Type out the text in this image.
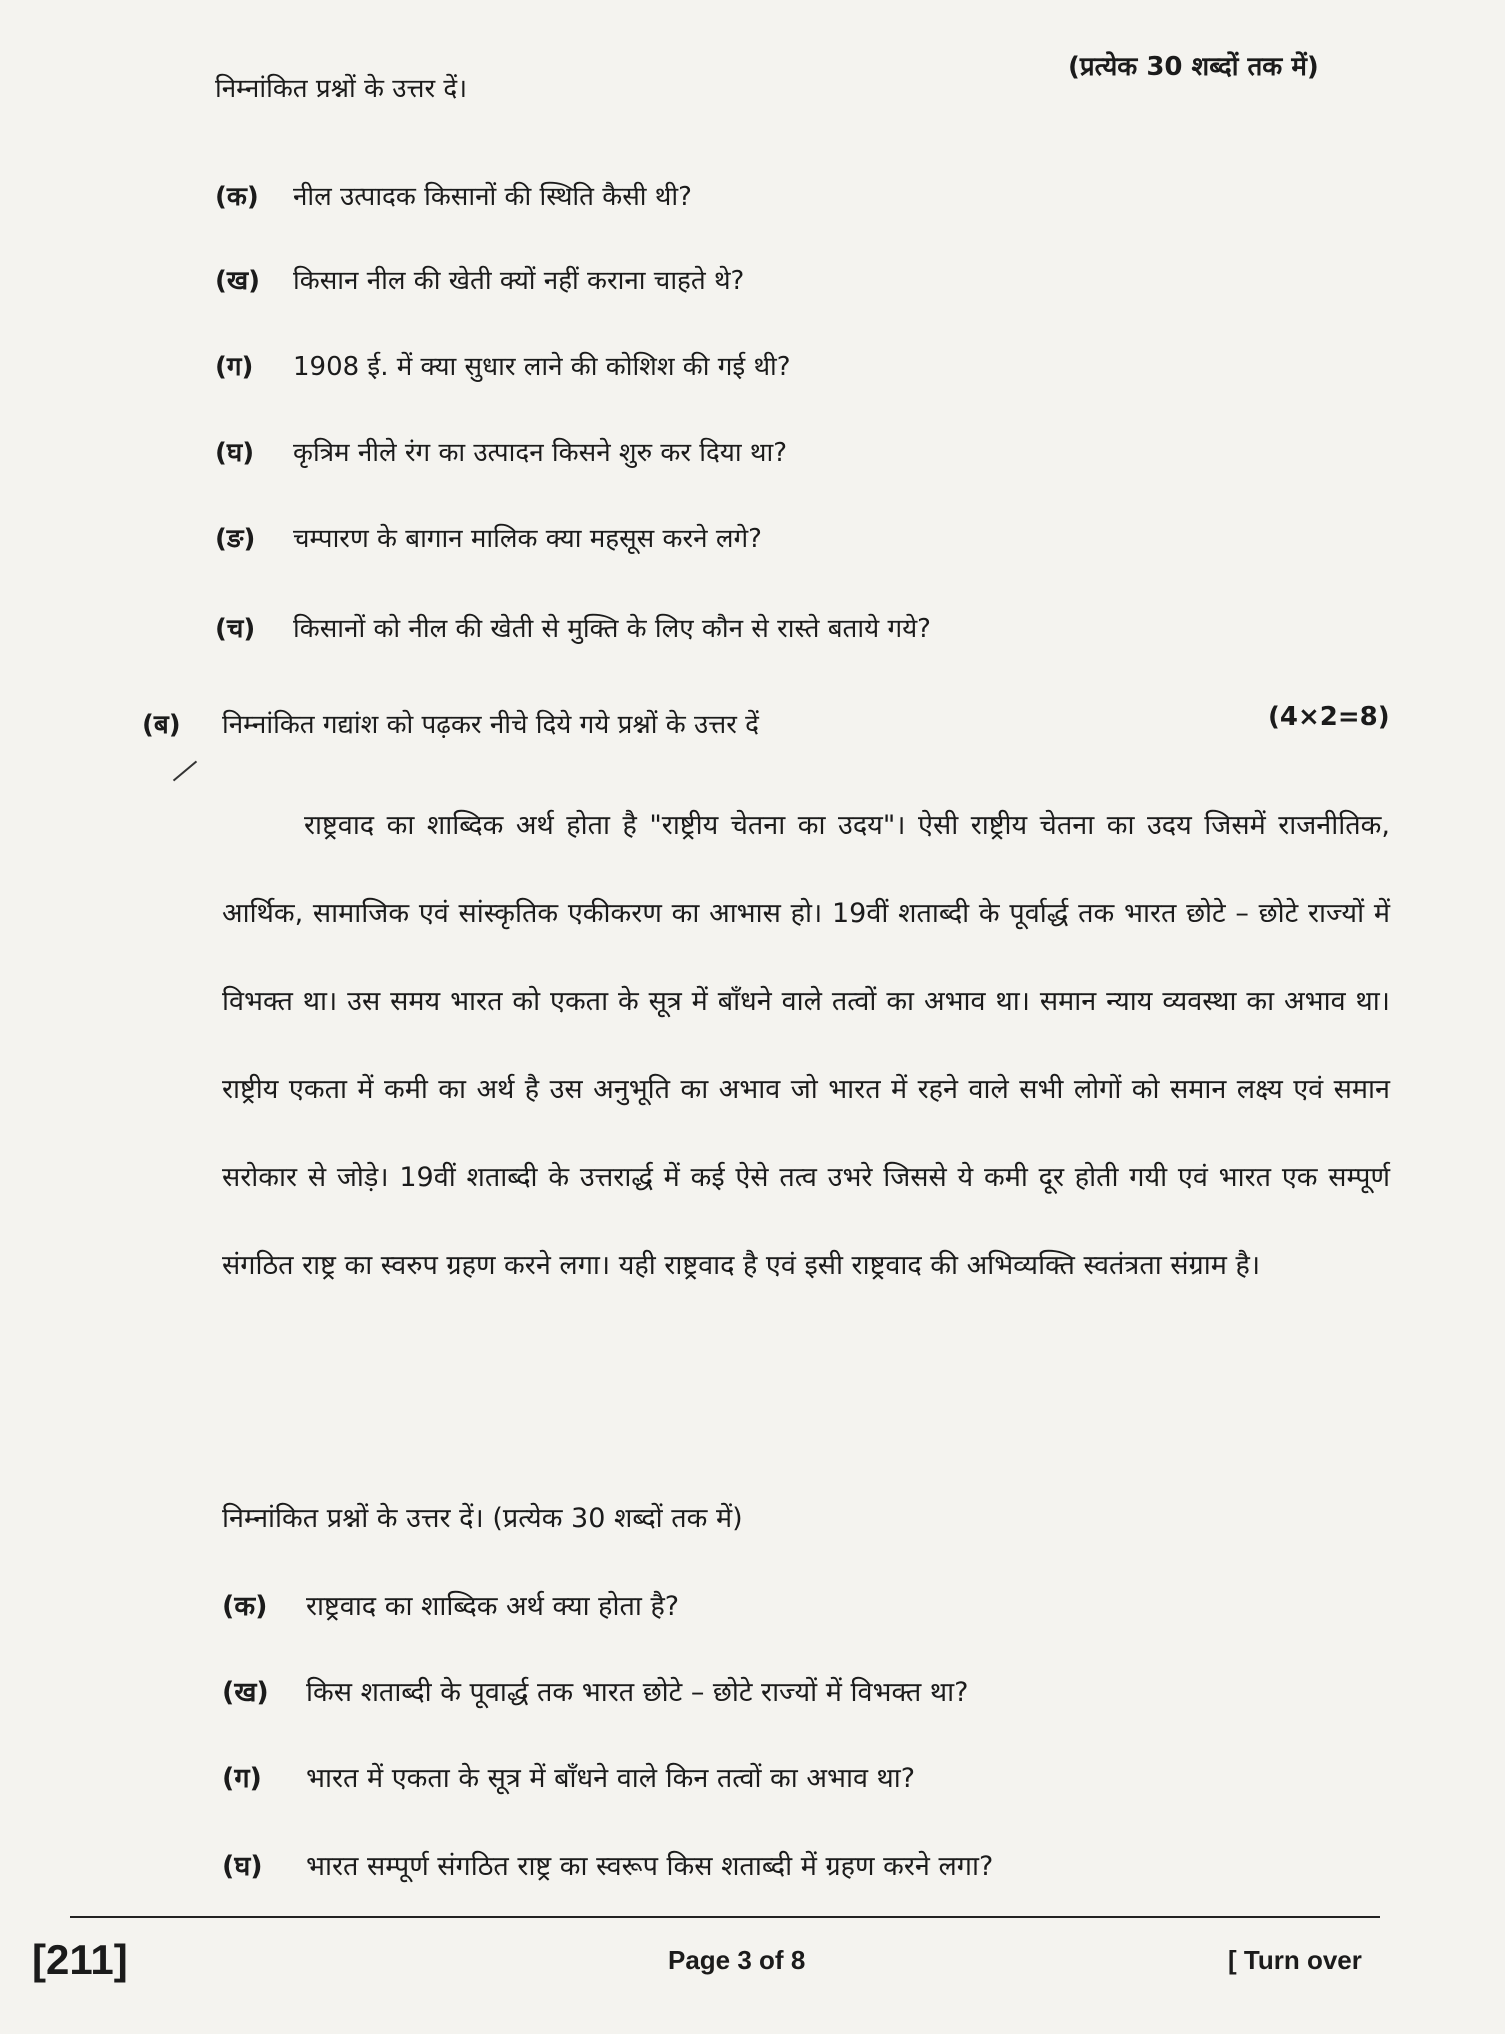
निम्नांकित प्रश्नों के उत्तर दें।
(प्रत्येक 30 शब्दों तक में)
(क) नील उत्पादक किसानों की स्थिति कैसी थी?
(ख) किसान नील की खेती क्यों नहीं कराना चाहते थे?
(ग) 1908 ई. में क्या सुधार लाने की कोशिश की गई थी?
(घ) कृत्रिम नीले रंग का उत्पादन किसने शुरु कर दिया था?
(ङ) चम्पारण के बागान मालिक क्या महसूस करने लगे?
(च) किसानों को नील की खेती से मुक्ति के लिए कौन से रास्ते बताये गये?
(ब) निम्नांकित गद्यांश को पढ़कर नीचे दिये गये प्रश्नों के उत्तर दें	(4×2=8)
राष्ट्रवाद का शाब्दिक अर्थ होता है "राष्ट्रीय चेतना का उदय"। ऐसी राष्ट्रीय चेतना का उदय जिसमें राजनीतिक, आर्थिक, सामाजिक एवं सांस्कृतिक एकीकरण का आभास हो। 19वीं शताब्दी के पूर्वार्द्ध तक भारत छोटे – छोटे राज्यों में विभक्त था। उस समय भारत को एकता के सूत्र में बाँधने वाले तत्वों का अभाव था। समान न्याय व्यवस्था का अभाव था। राष्ट्रीय एकता में कमी का अर्थ है उस अनुभूति का अभाव जो भारत में रहने वाले सभी लोगों को समान लक्ष्य एवं समान सरोकार से जोड़े। 19वीं शताब्दी के उत्तरार्द्ध में कई ऐसे तत्व उभरे जिससे ये कमी दूर होती गयी एवं भारत एक सम्पूर्ण संगठित राष्ट्र का स्वरुप ग्रहण करने लगा। यही राष्ट्रवाद है एवं इसी राष्ट्रवाद की अभिव्यक्ति स्वतंत्रता संग्राम है।
निम्नांकित प्रश्नों के उत्तर दें। (प्रत्येक 30 शब्दों तक में)
(क) राष्ट्रवाद का शाब्दिक अर्थ क्या होता है?
(ख) किस शताब्दी के पूवार्द्ध तक भारत छोटे – छोटे राज्यों में विभक्त था?
(ग) भारत में एकता के सूत्र में बाँधने वाले किन तत्वों का अभाव था?
(घ) भारत सम्पूर्ण संगठित राष्ट्र का स्वरूप किस शताब्दी में ग्रहण करने लगा?
[211]	Page 3 of 8	[ Turn over
